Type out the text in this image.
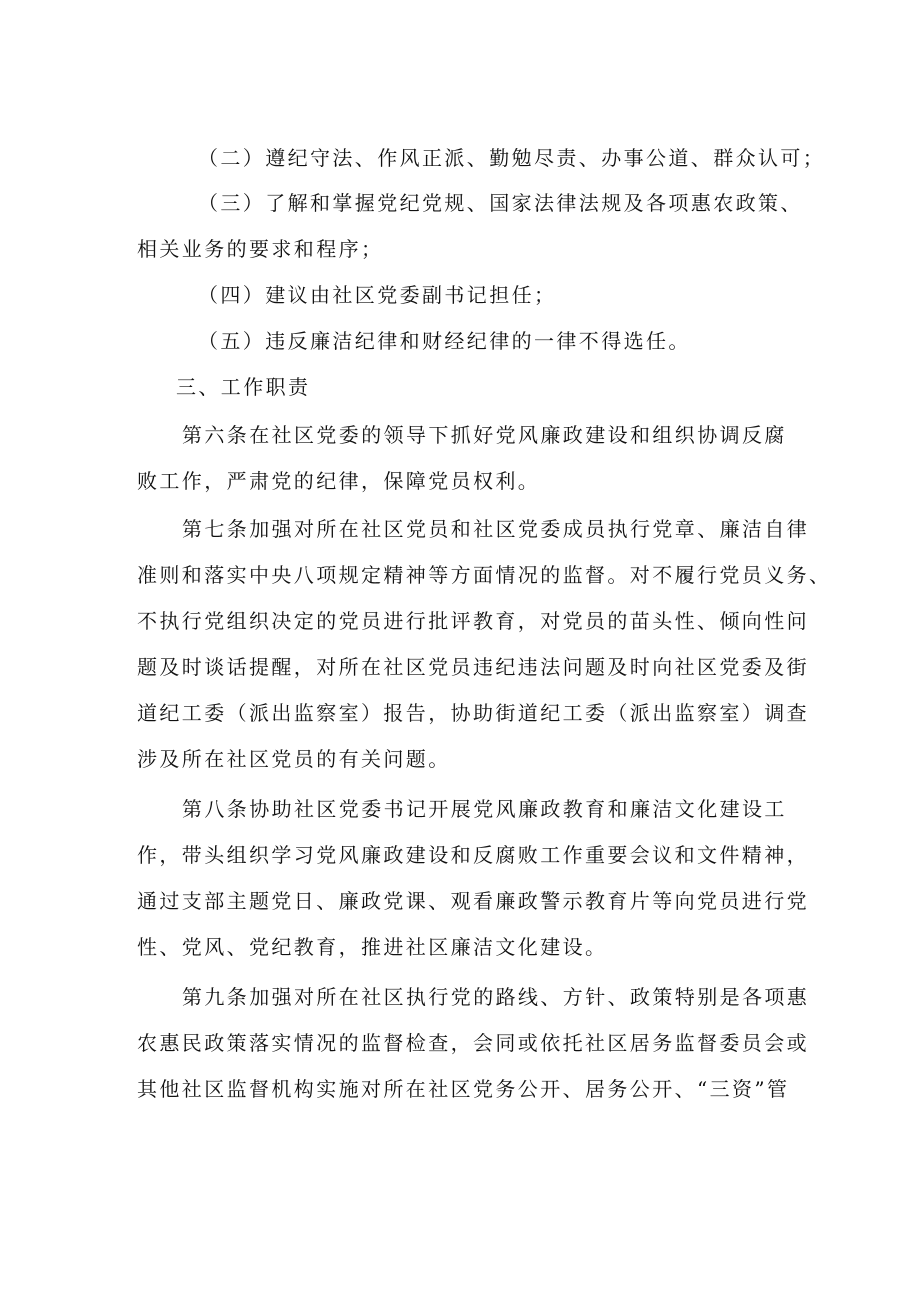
（二）遵纪守法、作风正派、勤勉尽责、办事公道、群众认可；
（三）了解和掌握党纪党规、国家法律法规及各项惠农政策、
相关业务的要求和程序；
（四）建议由社区党委副书记担任；
（五）违反廉洁纪律和财经纪律的一律不得选任。
三、工作职责
第六条在社区党委的领导下抓好党风廉政建设和组织协调反腐
败工作，严肃党的纪律，保障党员权利。
第七条加强对所在社区党员和社区党委成员执行党章、廉洁自律
准则和落实中央八项规定精神等方面情况的监督。对不履行党员义务、
不执行党组织决定的党员进行批评教育，对党员的苗头性、倾向性问
题及时谈话提醒，对所在社区党员违纪违法问题及时向社区党委及街
道纪工委（派出监察室）报告，协助街道纪工委（派出监察室）调查
涉及所在社区党员的有关问题。
第八条协助社区党委书记开展党风廉政教育和廉洁文化建设工
作，带头组织学习党风廉政建设和反腐败工作重要会议和文件精神，
通过支部主题党日、廉政党课、观看廉政警示教育片等向党员进行党
性、党风、党纪教育，推进社区廉洁文化建设。
第九条加强对所在社区执行党的路线、方针、政策特别是各项惠
农惠民政策落实情况的监督检查，会同或依托社区居务监督委员会或
其他社区监督机构实施对所在社区党务公开、居务公开、“三资”管
